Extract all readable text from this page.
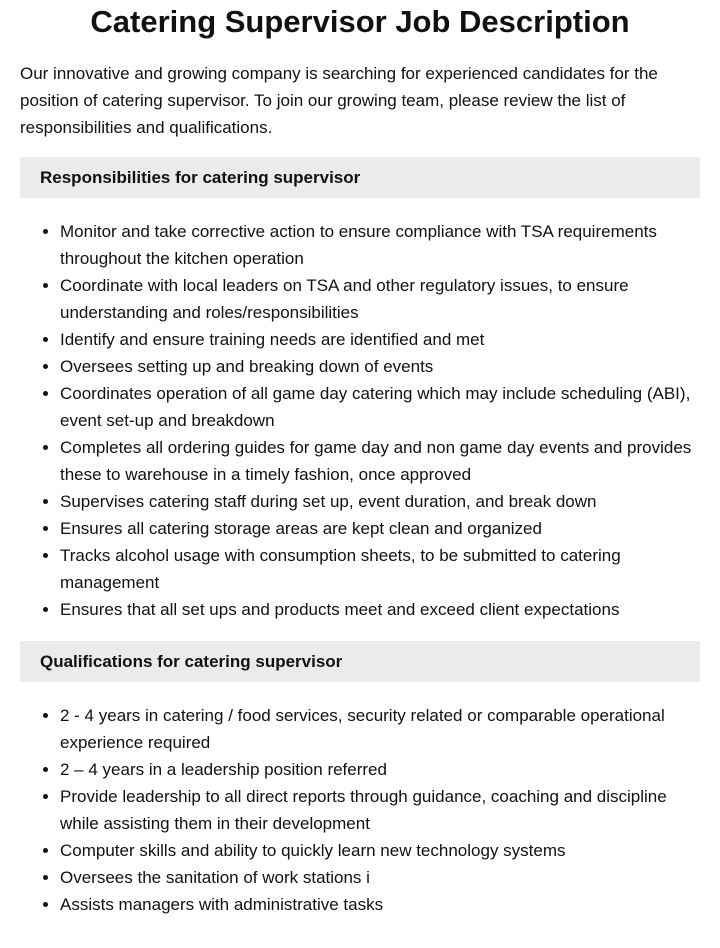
Catering Supervisor Job Description

Our innovative and growing company is searching for experienced candidates for the position of catering supervisor. To join our growing team, please review the list of responsibilities and qualifications.

Responsibilities for catering supervisor
• Monitor and take corrective action to ensure compliance with TSA requirements throughout the kitchen operation
• Coordinate with local leaders on TSA and other regulatory issues, to ensure understanding and roles/responsibilities
• Identify and ensure training needs are identified and met
• Oversees setting up and breaking down of events
• Coordinates operation of all game day catering which may include scheduling (ABI), event set-up and breakdown
• Completes all ordering guides for game day and non game day events and provides these to warehouse in a timely fashion, once approved
• Supervises catering staff during set up, event duration, and break down
• Ensures all catering storage areas are kept clean and organized
• Tracks alcohol usage with consumption sheets, to be submitted to catering management
• Ensures that all set ups and products meet and exceed client expectations
Qualifications for catering supervisor
• 2 - 4 years in catering / food services, security related or comparable operational experience required
• 2 – 4 years in a leadership position referred
• Provide leadership to all direct reports through guidance, coaching and discipline while assisting them in their development
• Computer skills and ability to quickly learn new technology systems
• Oversees the sanitation of work stations i
• Assists managers with administrative tasks
